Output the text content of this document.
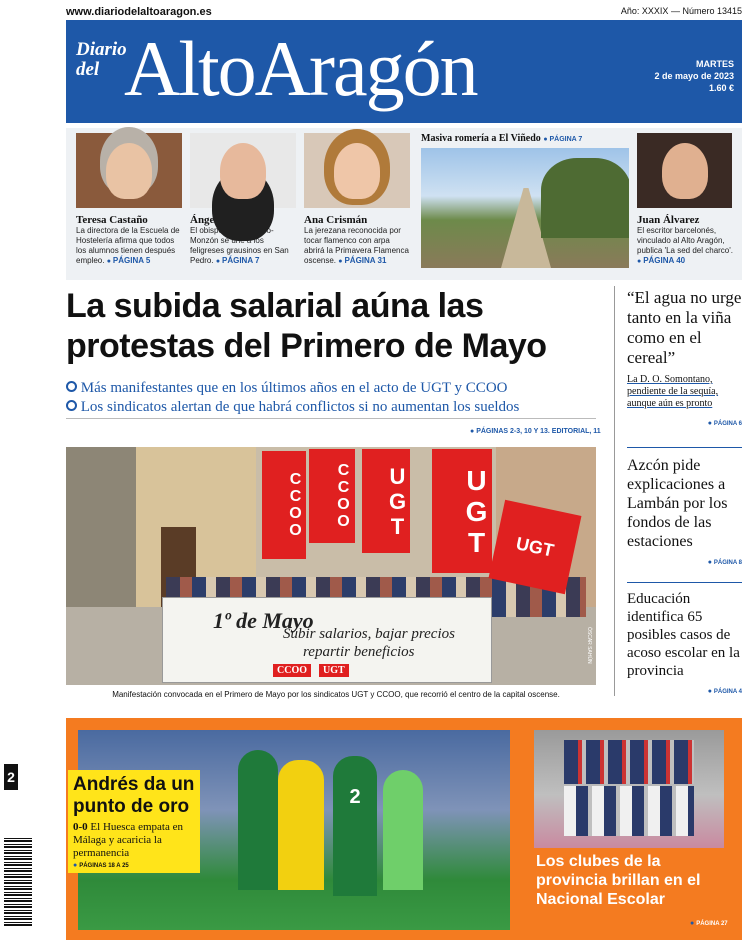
www.diariodelaltoaragon.es	Año: XXXIX — Número 13415
Diario
del AltoAragón	MARTES
2 de mayo de 2023
1.60 €
Teresa Castaño
La directora de la Escuela de Hostelería afirma que todos los alumnos tienen después empleo. ● PÁGINA 5
Ángel Pérez
El obispo de Barbastro-Monzón se une a los feligreses grausinos en San Pedro. ● PÁGINA 7
Ana Crismán
La jerezana reconocida por tocar flamenco con arpa abrirá la Primavera Flamenca oscense. ● PÁGINA 31
Masiva romería a El Viñedo ● PÁGINA 7
Juan Álvarez
El escritor barcelonés, vinculado al Alto Aragón, publica 'La sed del charco'. ● PÁGINA 40
La subida salarial aúna las protestas del Primero de Mayo
Más manifestantes que en los últimos años en el acto de UGT y CCOO
Los sindicatos alertan de que habrá conflictos si no aumentan los sueldos
● PÁGINAS 2-3, 10 Y 13. EDITORIAL, 11
CCOO	CCOO	UGT	UGT	UGT
1º de Mayo
Subir salarios, bajar precios
repartir beneficios
CCOO	UGT
ÓSCAR SAHÚN
Manifestación convocada en el Primero de Mayo por los sindicatos UGT y CCOO, que recorrió el centro de la capital oscense.
“El agua no urge tanto en la viña como en el cereal”
La D. O. Somontano, pendiente de la sequía, aunque aún es pronto
● PÁGINA 6
Azcón pide explicaciones a Lambán por los fondos de las estaciones
● PÁGINA 8
Educación identifica 65 posibles casos de acoso escolar en la provincia
● PÁGINA 4
2
2
Andrés da un punto de oro
0-0 El Huesca empata en Málaga y acaricia la permanencia
● PÁGINAS 18 A 25	Los clubes de la provincia brillan en el Nacional Escolar
● PÁGINA 27
